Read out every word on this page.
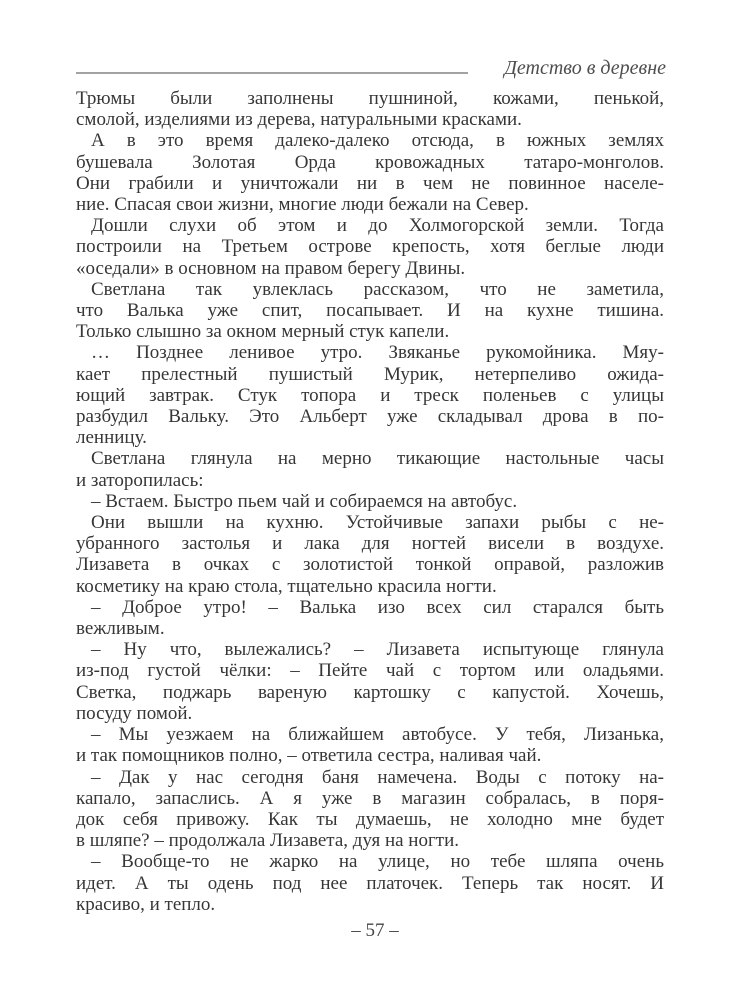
Детство в деревне

Трюмы были заполнены пушниной, кожами, пенькой,
смолой, изделиями из дерева, натуральными красками.

А в это время далеко-далеко отсюда, в южных землях
бушевала Золотая Орда кровожадных татаро-монголов.
Они грабили и уничтожали ни в чем не повинное населе-
ние. Спасая свои жизни, многие люди бежали на Север.

Дошли слухи об этом и до Холмогорской земли. Тогда
построили на Третьем острове крепость, хотя беглые люди
«оседали» в основном на правом берегу Двины.

Светлана так увлеклась рассказом, что не заметила,
что Валька уже спит, посапывает. И на кухне тишина.
Только слышно за окном мерный стук капели.

… Позднее ленивое утро. Звяканье рукомойника. Мяу-
кает прелестный пушистый Мурик, нетерпеливо ожида-
ющий завтрак. Стук топора и треск поленьев с улицы
разбудил Вальку. Это Альберт уже складывал дрова в по-
ленницу.

Светлана глянула на мерно тикающие настольные часы
и заторопилась:

– Встаем. Быстро пьем чай и собираемся на автобус.

Они вышли на кухню. Устойчивые запахи рыбы с не-
убранного застолья и лака для ногтей висели в воздухе.
Лизавета в очках с золотистой тонкой оправой, разложив
косметику на краю стола, тщательно красила ногти.

– Доброе утро! – Валька изо всех сил старался быть
вежливым.

– Ну что, вылежались? – Лизавета испытующе глянула
из-под густой чёлки: – Пейте чай с тортом или оладьями.
Светка, поджарь вареную картошку с капустой. Хочешь,
посуду помой.

– Мы уезжаем на ближайшем автобусе. У тебя, Лизанька,
и так помощников полно, – ответила сестра, наливая чай.

– Дак у нас сегодня баня намечена. Воды с потоку на-
капало, запаслись. А я уже в магазин собралась, в поря-
док себя привожу. Как ты думаешь, не холодно мне будет
в шляпе? – продолжала Лизавета, дуя на ногти.

– Вообще-то не жарко на улице, но тебе шляпа очень
идет. А ты одень под нее платочек. Теперь так носят. И
красиво, и тепло.

– 57 –
